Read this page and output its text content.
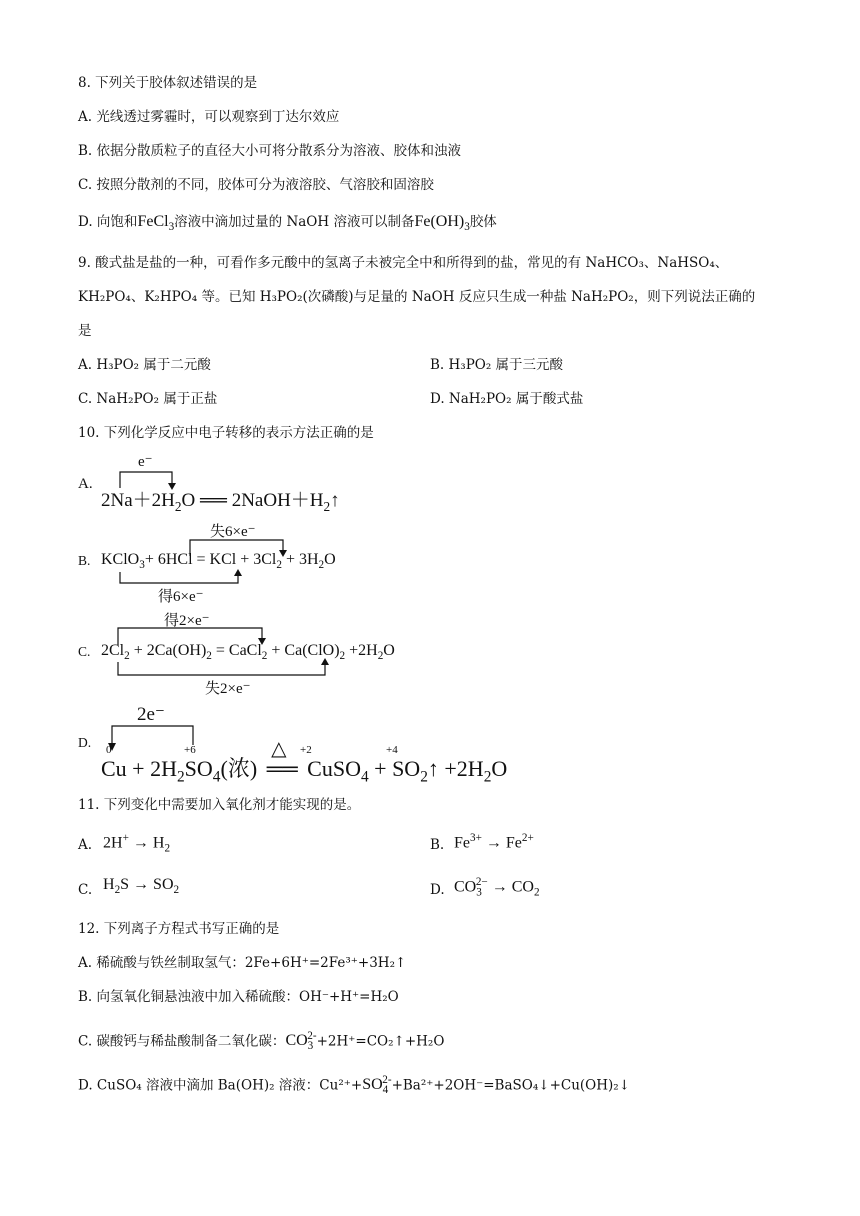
8. 下列关于胶体叙述错误的是
A. 光线透过雾霾时，可以观察到丁达尔效应
B. 依据分散质粒子的直径大小可将分散系分为溶液、胶体和浊液
C. 按照分散剂的不同，胶体可分为液溶胶、气溶胶和固溶胶
D. 向饱和FeCl$_3$溶液中滴加过量的 NaOH 溶液可以制备$Fe(OH)_3$胶体
9. 酸式盐是盐的一种，可看作多元酸中的氢离子未被完全中和所得到的盐，常见的有 NaHCO₃、NaHSO₄、
KH₂PO₄、K₂HPO₄ 等。已知 H₃PO₂(次磷酸)与足量的 NaOH 反应只生成一种盐 NaH₂PO₂，则下列说法正确的
是
A. H₃PO₂ 属于二元酸	B. H₃PO₂ 属于三元酸
C. NaH₂PO₂ 属于正盐	D. NaH₂PO₂ 属于酸式盐
10. 下列化学反应中电子转移的表示方法正确的是
A.
e⁻
$2Na+2H_2O$ ══ $2NaOH+H_2↑$
B.
失6×e⁻
KClO$_3$+ 6HCl = KCl + $3Cl_2 + 3H_2O$
得6×e⁻
得2×e⁻
C. $2Cl_2 + 2Ca(OH)_2$ = CaCl$_2$ + $Ca(ClO)_2 +2H_2O$
失2×e⁻
2e⁻
D. 0	+6	+2	+4
$Cu + 2H_2SO_4$(浓)
△
══ CuSO$_4$ + $SO_2↑ +2H_2O$
11. 下列变化中需要加入氧化剂才能实现的是。
A. $2H^+ \to H_2$	B. $Fe^{3+} \to Fe^{2+}$
C. $H_2S \to SO_2$	D. $CO_3^{2-} \to CO_2$
12. 下列离子方程式书写正确的是
A. 稀硫酸与铁丝制取氢气：2Fe+6H⁺=2Fe³⁺+3H₂↑
B. 向氢氧化铜悬浊液中加入稀硫酸：OH⁻+H⁺=H₂O
C. 碳酸钙与稀盐酸制备二氧化碳：$CO_3^{2-}+2H^+=CO_2↑+H_2O$
D. CuSO₄ 溶液中滴加 Ba(OH)₂ 溶液：$Cu^{2+}+SO_4^{2-}+Ba^{2+}+2OH^-=BaSO_4↓+Cu(OH)_2↓$
